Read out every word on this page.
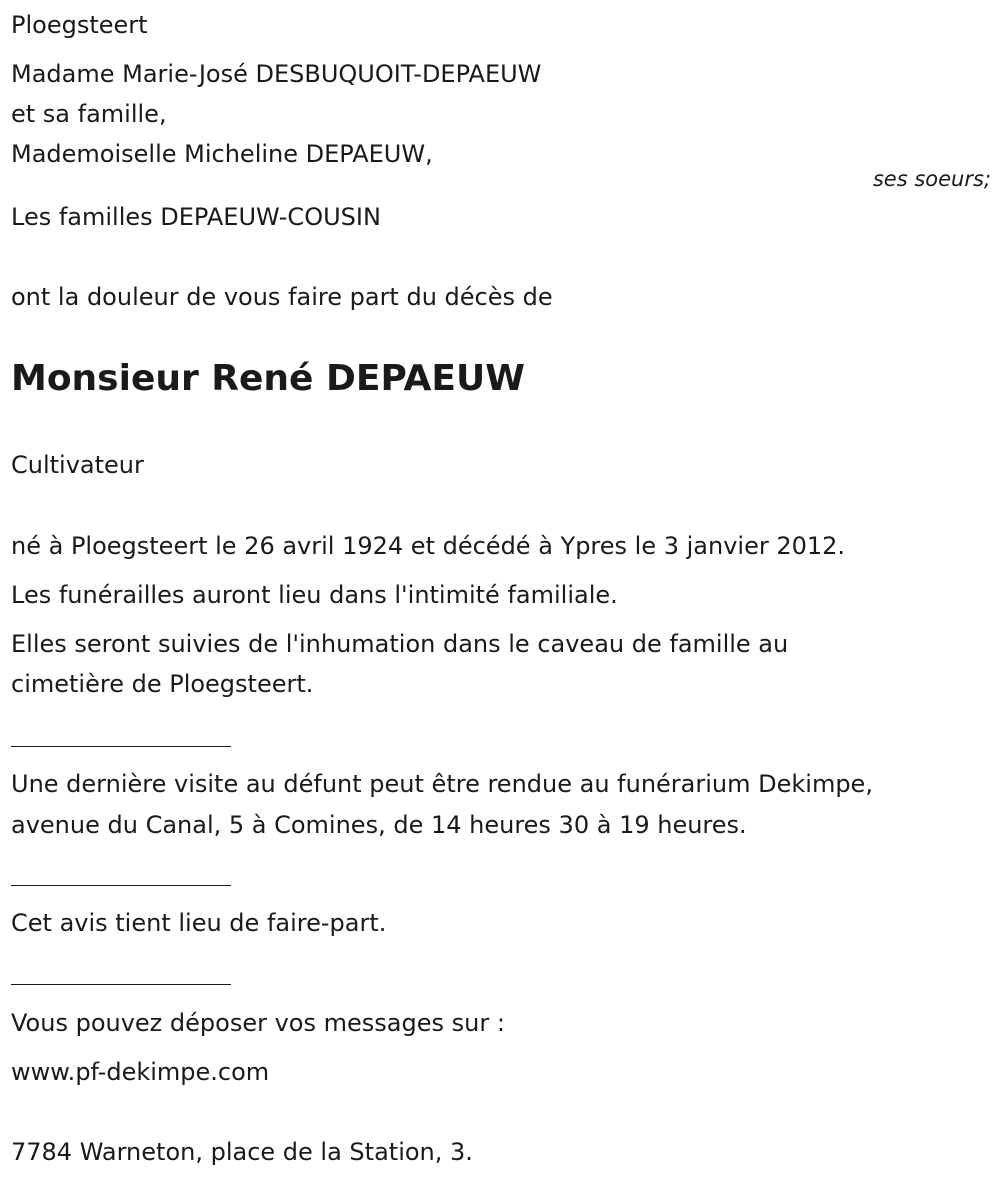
Ploegsteert
Madame Marie-José DESBUQUOIT-DEPAEUW
et sa famille,
Mademoiselle Micheline DEPAEUW,
ses soeurs;
Les familles DEPAEUW-COUSIN
ont la douleur de vous faire part du décès de
Monsieur René DEPAEUW
Cultivateur
né à Ploegsteert le 26 avril 1924 et décédé à Ypres le 3 janvier 2012.
Les funérailles auront lieu dans l'intimité familiale.
Elles seront suivies de l'inhumation dans le caveau de famille au
cimetière de Ploegsteert.
Une dernière visite au défunt peut être rendue au funérarium Dekimpe,
avenue du Canal, 5 à Comines, de 14 heures 30 à 19 heures.
Cet avis tient lieu de faire-part.
Vous pouvez déposer vos messages sur :
www.pf-dekimpe.com
7784 Warneton, place de la Station, 3.
